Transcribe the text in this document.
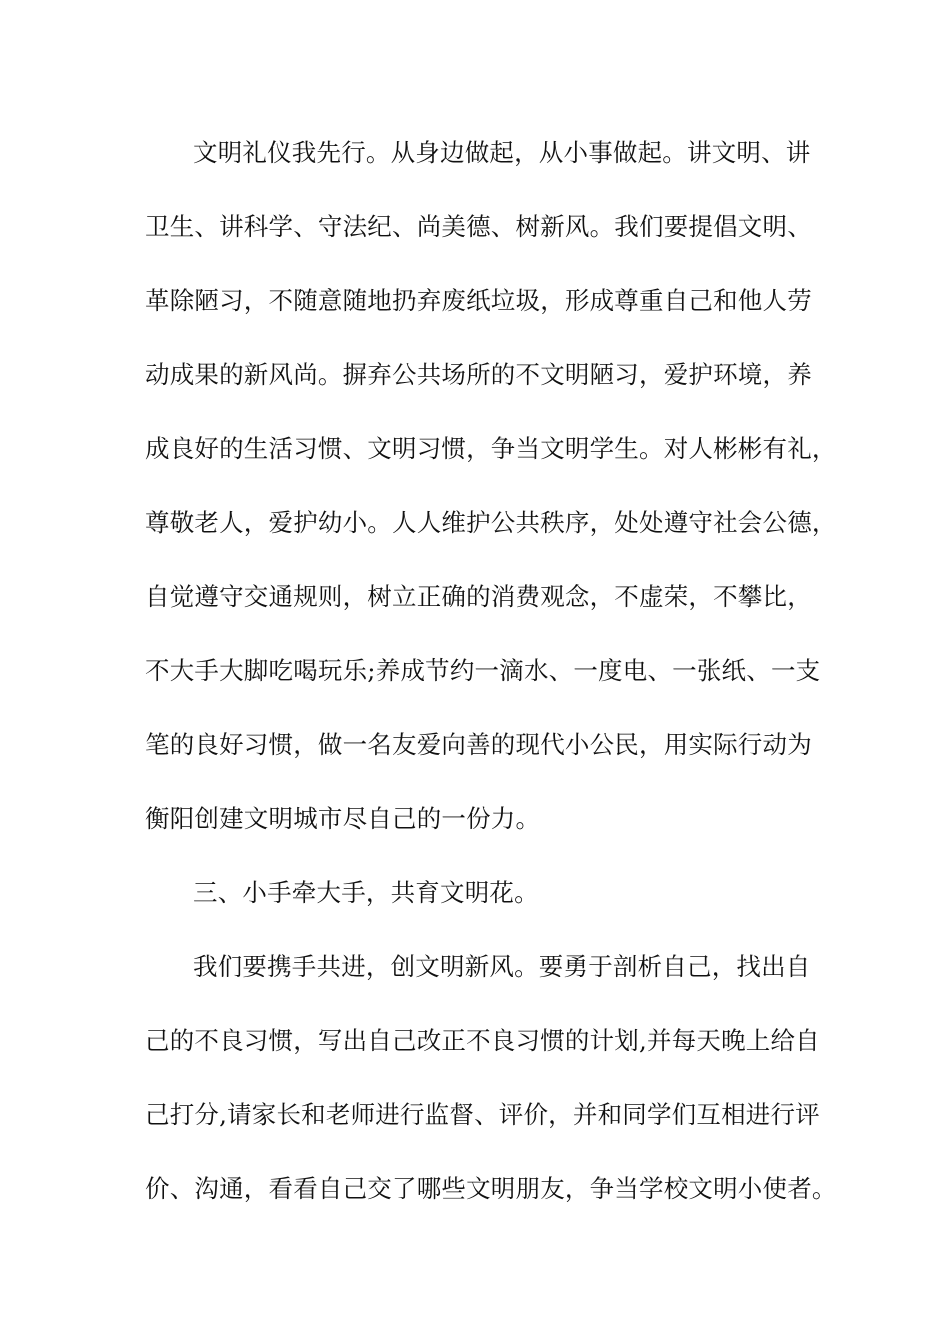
文明礼仪我先行。从身边做起，从小事做起。讲文明、讲
卫生、讲科学、守法纪、尚美德、树新风。我们要提倡文明、
革除陋习，不随意随地扔弃废纸垃圾，形成尊重自己和他人劳
动成果的新风尚。摒弃公共场所的不文明陋习，爱护环境，养
成良好的生活习惯、文明习惯，争当文明学生。对人彬彬有礼，
尊敬老人，爱护幼小。人人维护公共秩序，处处遵守社会公德，
自觉遵守交通规则，树立正确的消费观念，不虚荣，不攀比，
不大手大脚吃喝玩乐;养成节约一滴水、一度电、一张纸、一支
笔的良好习惯，做一名友爱向善的现代小公民，用实际行动为
衡阳创建文明城市尽自己的一份力。
三、小手牵大手，共育文明花。
我们要携手共进，创文明新风。要勇于剖析自己，找出自
己的不良习惯，写出自己改正不良习惯的计划,并每天晚上给自
己打分,请家长和老师进行监督、评价，并和同学们互相进行评
价、沟通，看看自己交了哪些文明朋友，争当学校文明小使者。
